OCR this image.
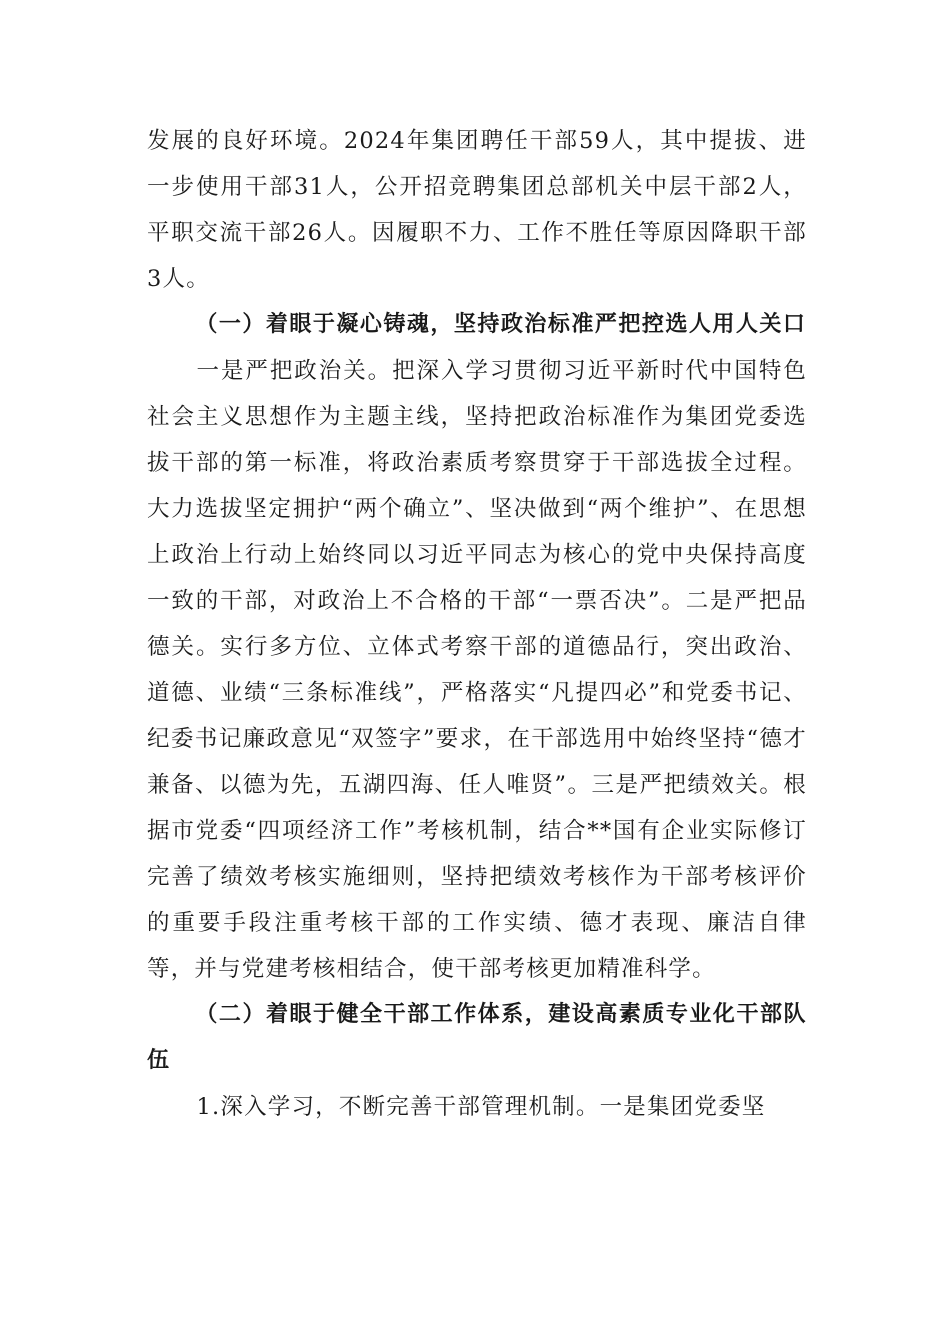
发展的良好环境。2024年集团聘任干部59人，其中提拔、进一步使用干部31人，公开招竞聘集团总部机关中层干部2人，平职交流干部26人。因履职不力、工作不胜任等原因降职干部3人。

（一）着眼于凝心铸魂，坚持政治标准严把控选人用人关口

一是严把政治关。把深入学习贯彻习近平新时代中国特色社会主义思想作为主题主线，坚持把政治标准作为集团党委选拔干部的第一标准，将政治素质考察贯穿于干部选拔全过程。大力选拔坚定拥护“两个确立”、坚决做到“两个维护”、在思想上政治上行动上始终同以习近平同志为核心的党中央保持高度一致的干部，对政治上不合格的干部“一票否决”。二是严把品德关。实行多方位、立体式考察干部的道德品行，突出政治、道德、业绩“三条标准线”，严格落实“凡提四必”和党委书记、纪委书记廉政意见“双签字”要求，在干部选用中始终坚持“德才兼备、以德为先，五湖四海、任人唯贤”。三是严把绩效关。根据市党委“四项经济工作”考核机制，结合**国有企业实际修订完善了绩效考核实施细则，坚持把绩效考核作为干部考核评价的重要手段注重考核干部的工作实绩、德才表现、廉洁自律等，并与党建考核相结合，使干部考核更加精准科学。

（二）着眼于健全干部工作体系，建设高素质专业化干部队伍

1.深入学习，不断完善干部管理机制。一是集团党委坚
